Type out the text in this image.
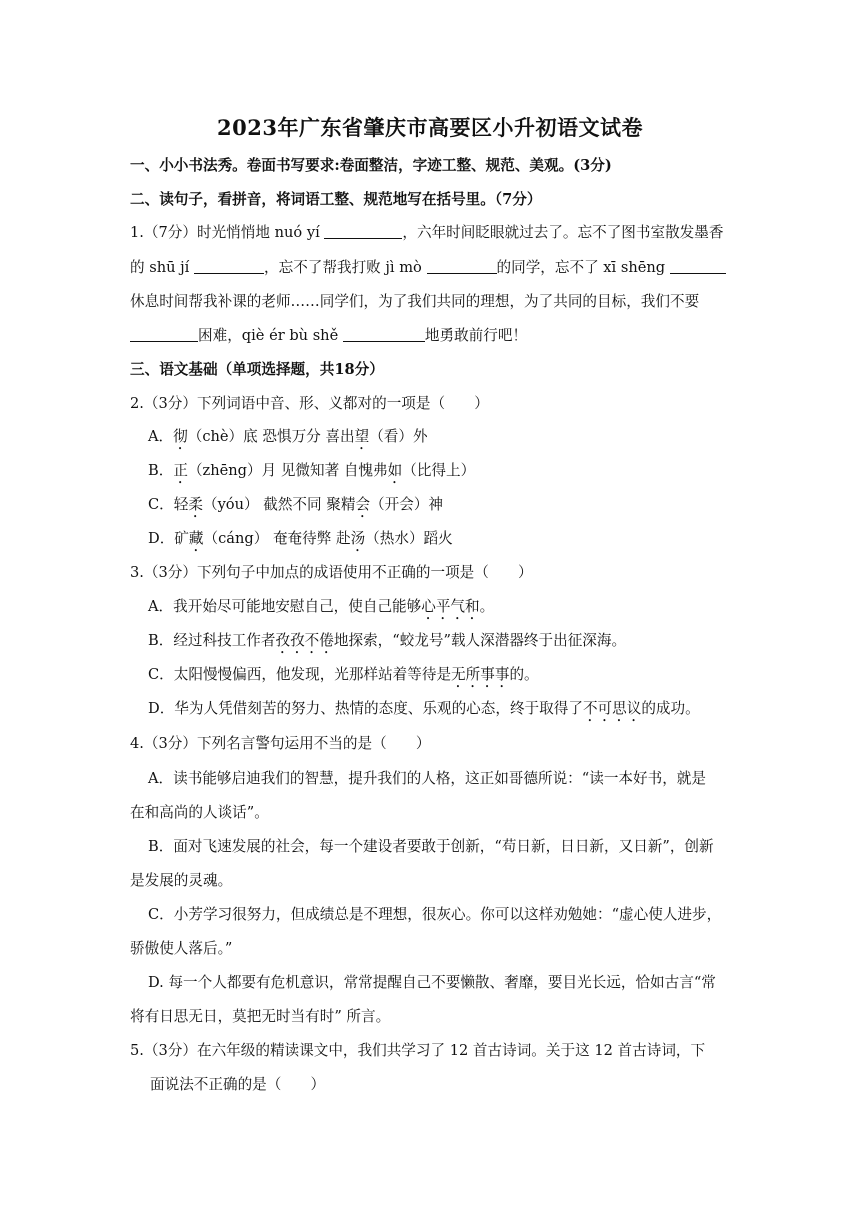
2023年广东省肇庆市高要区小升初语文试卷
一、小小书法秀。卷面书写要求:卷面整洁，字迹工整、规范、美观。(3分)
二、读句子，看拼音，将词语工整、规范地写在括号里。（7分）
1.（7分）时光悄悄地 nuó yí	，六年时间眨眼就过去了。忘不了图书室散发墨香
的 shū jí	，忘不了帮我打败 jì mò	的同学，忘不了 xī shēng
休息时间帮我补课的老师……同学们，为了我们共同的理想，为了共同的目标，我们不要
困难，qiè ér bù shě	地勇敢前行吧！
三、语文基础（单项选择题，共18分）
2.（3分）下列词语中音、形、义都对的一项是（　　）
A．彻（chè）底 恐惧万分 喜出望（看）外
B．正（zhēng）月 见微知著 自愧弗如（比得上）
C．轻柔（yóu） 截然不同 聚精会（开会）神
D．矿藏（cáng） 奄奄待弊 赴汤（热水）蹈火
3.（3分）下列句子中加点的成语使用不正确的一项是（　　）
A．我开始尽可能地安慰自己，使自己能够心平气和。
B．经过科技工作者孜孜不倦地探索，“蛟龙号”载人深潜器终于出征深海。
C．太阳慢慢偏西，他发现，光那样站着等待是无所事事的。
D．华为人凭借刻苦的努力、热情的态度、乐观的心态，终于取得了不可思议的成功。
4.（3分）下列名言警句运用不当的是（　　）
A．读书能够启迪我们的智慧，提升我们的人格，这正如哥德所说：“读一本好书，就是
在和高尚的人谈话”。
B．面对飞速发展的社会，每一个建设者要敢于创新，“苟日新，日日新，又日新”，创新
是发展的灵魂。
C．小芳学习很努力，但成绩总是不理想，很灰心。你可以这样劝勉她：“虚心使人进步，
骄傲使人落后。”
D. 每一个人都要有危机意识，常常提醒自己不要懒散、奢靡，要目光长远，恰如古言“常
将有日思无日，莫把无时当有时” 所言。
5.（3分）在六年级的精读课文中，我们共学习了 12 首古诗词。关于这 12 首古诗词，下
面说法不正确的是（　　）
